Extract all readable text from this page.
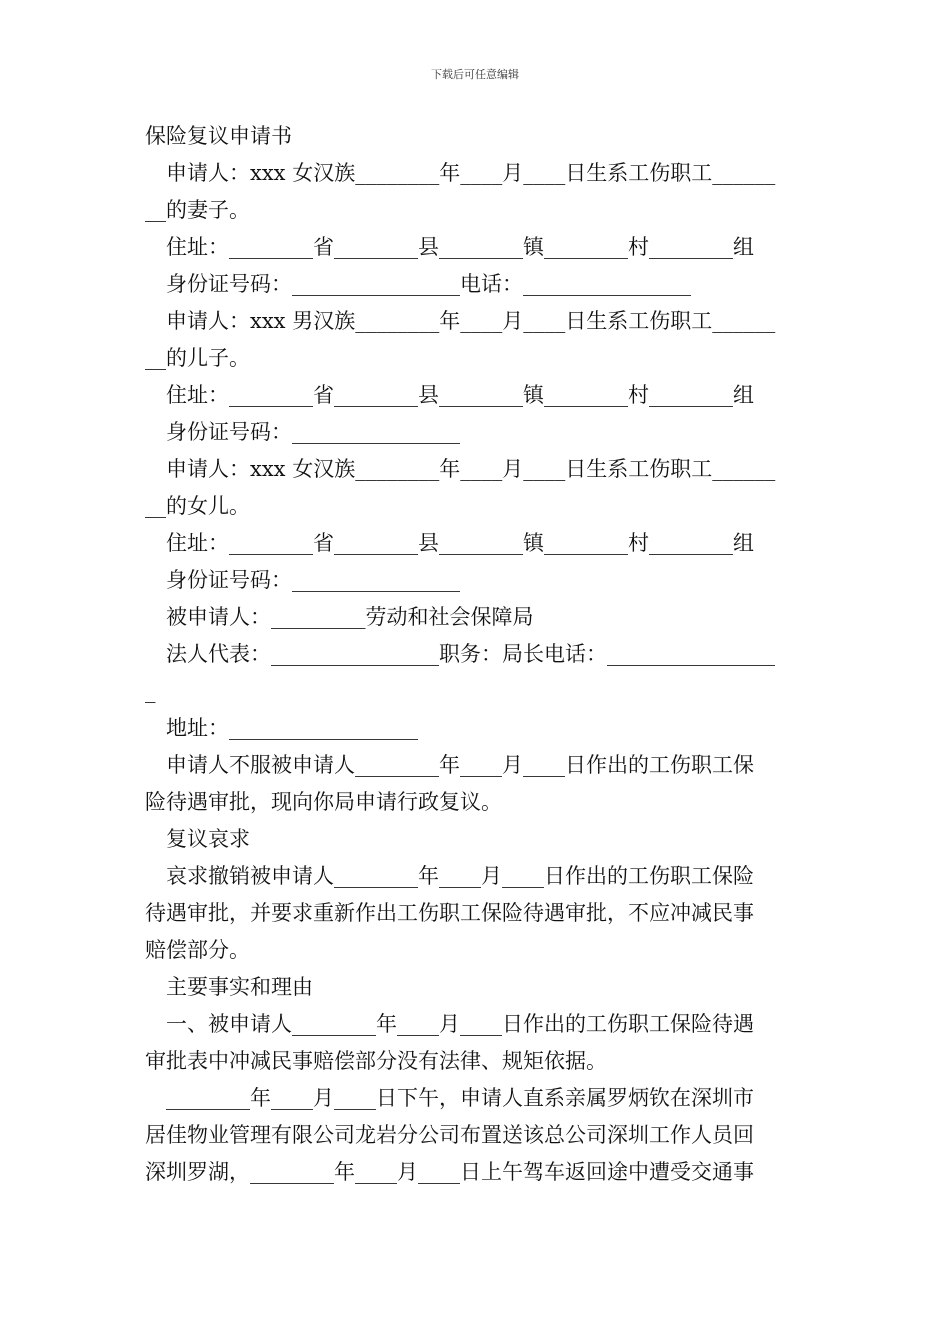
下载后可任意编辑
保险复议申请书
申请人：xxx 女汉族________年____月____日生系工伤职工______
__的妻子。
住址：________省________县________镇________村________组
身份证号码：________________电话：________________
申请人：xxx 男汉族________年____月____日生系工伤职工______
__的儿子。
住址：________省________县________镇________村________组
身份证号码：________________
申请人：xxx 女汉族________年____月____日生系工伤职工______
__的女儿。
住址：________省________县________镇________村________组
身份证号码：________________
被申请人：_________劳动和社会保障局
法人代表：________________职务：局长电话：________________
_
地址：__________________
申请人不服被申请人________年____月____日作出的工伤职工保
险待遇审批，现向你局申请行政复议。
复议哀求
哀求撤销被申请人________年____月____日作出的工伤职工保险
待遇审批，并要求重新作出工伤职工保险待遇审批，不应冲减民事
赔偿部分。
主要事实和理由
一、被申请人________年____月____日作出的工伤职工保险待遇
审批表中冲减民事赔偿部分没有法律、规矩依据。
________年____月____日下午，申请人直系亲属罗炳钦在深圳市
居佳物业管理有限公司龙岩分公司布置送该总公司深圳工作人员回
深圳罗湖，________年____月____日上午驾车返回途中遭受交通事
